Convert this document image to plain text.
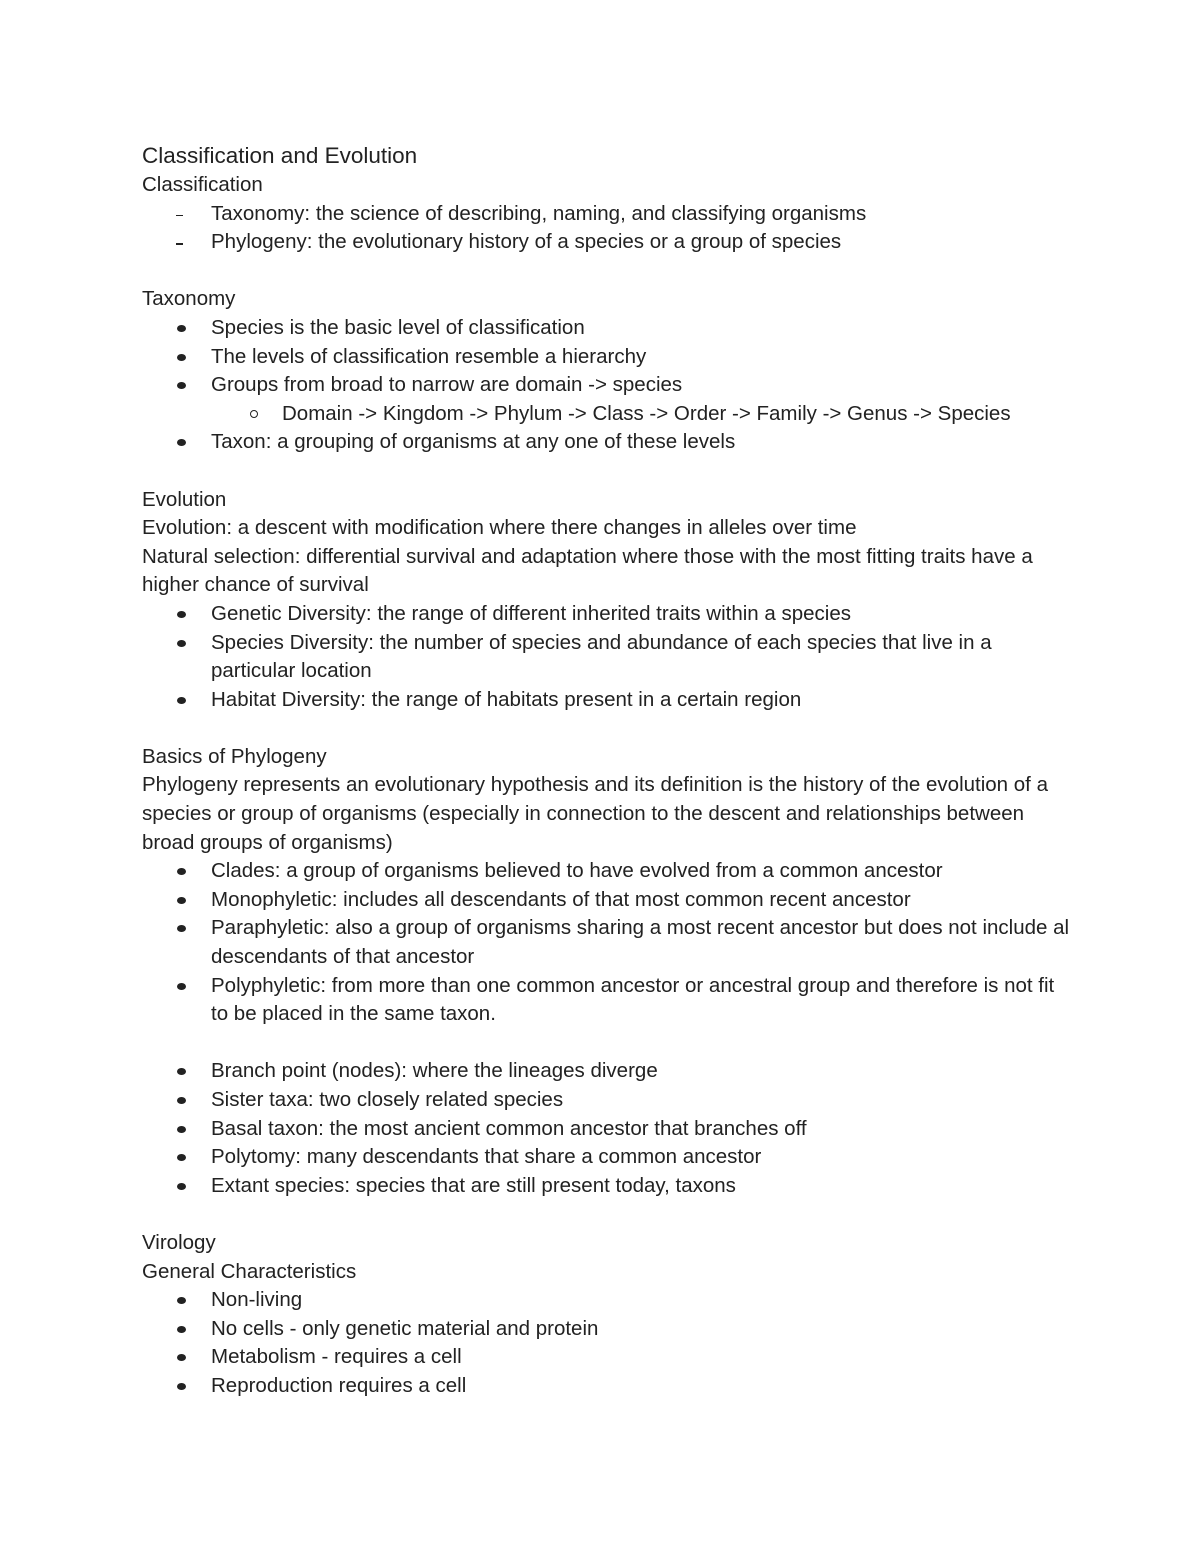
Classification and Evolution
Classification
Taxonomy: the science of describing, naming, and classifying organisms
Phylogeny: the evolutionary history of a species or a group of species
Taxonomy
Species is the basic level of classification
The levels of classification resemble a hierarchy
Groups from broad to narrow are domain -> species
Domain -> Kingdom -> Phylum -> Class -> Order -> Family -> Genus -> Species
Taxon: a grouping of organisms at any one of these levels
Evolution

Evolution: a descent with modification where there changes in alleles over time

Natural selection: differential survival and adaptation where those with the most fitting traits have a higher chance of survival

Genetic Diversity: the range of different inherited traits within a species
Species Diversity: the number of species and abundance of each species that live in a particular location
Habitat Diversity: the range of habitats present in a certain region
Basics of Phylogeny

Phylogeny represents an evolutionary hypothesis and its definition is the history of the evolution of a species or group of organisms (especially in connection to the descent and relationships between broad groups of organisms)

Clades: a group of organisms believed to have evolved from a common ancestor
Monophyletic: includes all descendants of that most common recent ancestor
Paraphyletic: also a group of organisms sharing a most recent ancestor but does not include al descendants of that ancestor
Polyphyletic: from more than one common ancestor or ancestral group and therefore is not fit to be placed in the same taxon.
Branch point (nodes): where the lineages diverge
Sister taxa: two closely related species
Basal taxon: the most ancient common ancestor that branches off
Polytomy: many descendants that share a common ancestor
Extant species: species that are still present today, taxons
Virology
General Characteristics
Non-living
No cells - only genetic material and protein
Metabolism - requires a cell
Reproduction requires a cell
